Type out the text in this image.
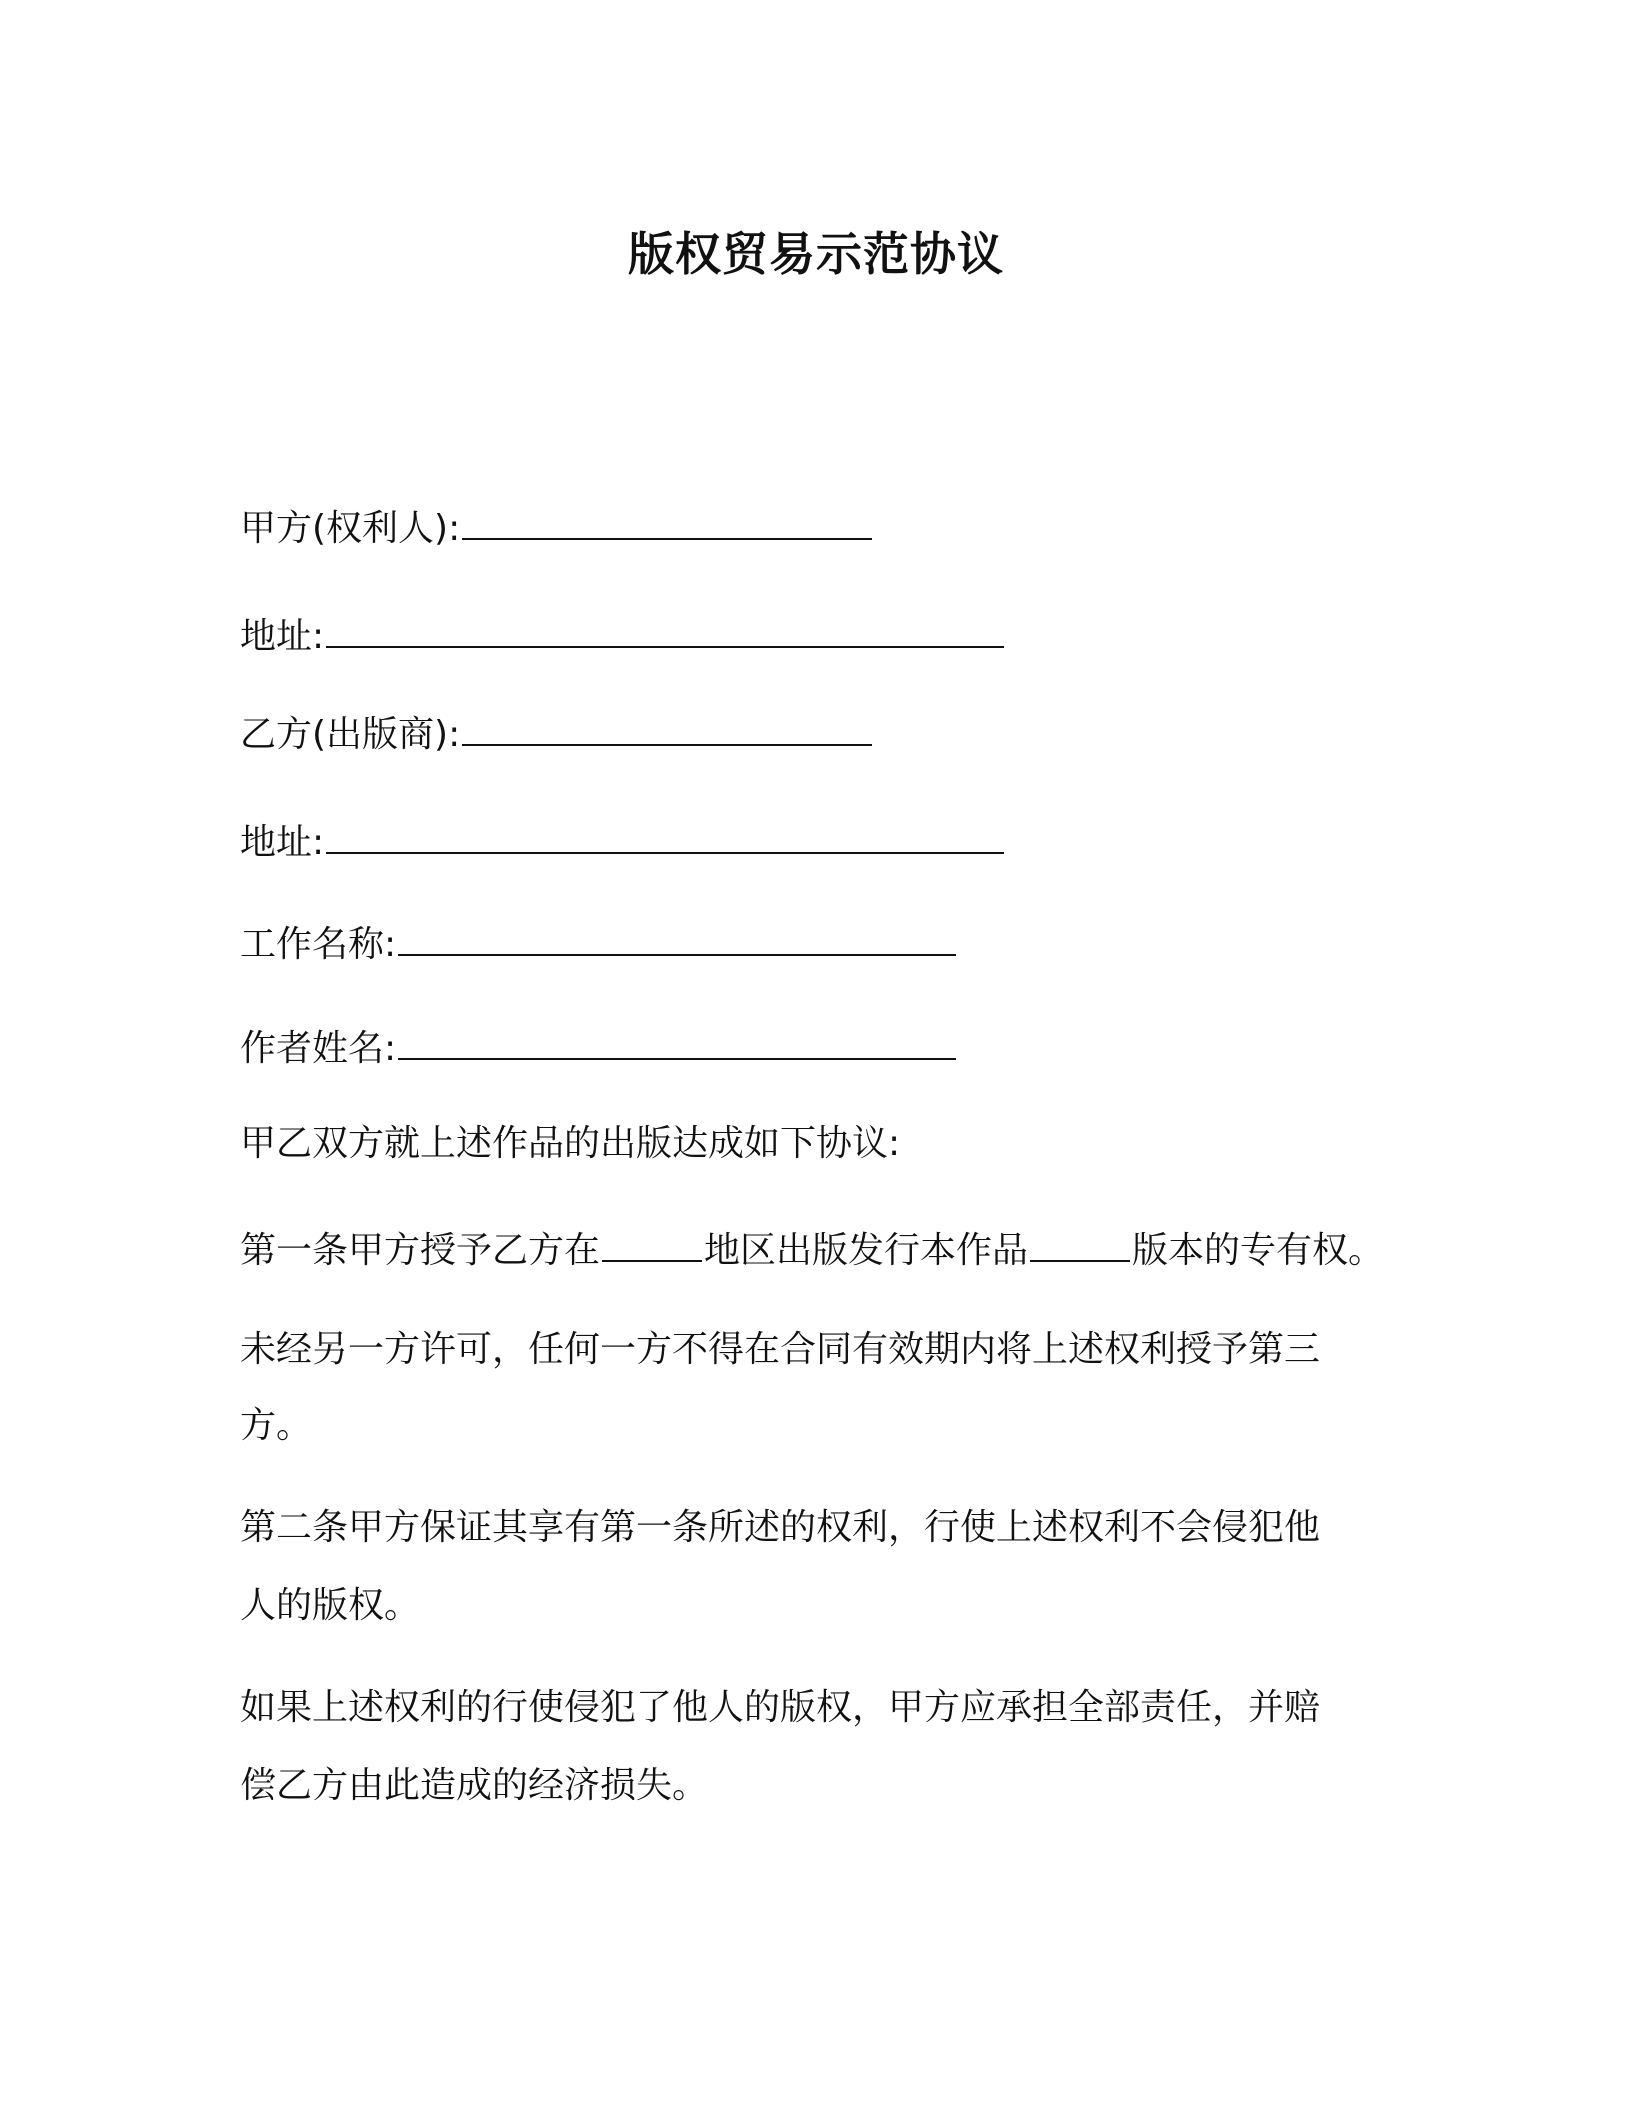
版权贸易示范协议
甲方(权利人):
地址:
乙方(出版商):
地址:
工作名称:
作者姓名:
甲乙双方就上述作品的出版达成如下协议:
第一条甲方授予乙方在	地区出版发行本作品	版本的专有权。
未经另一方许可，任何一方不得在合同有效期内将上述权利授予第三
方。
第二条甲方保证其享有第一条所述的权利，行使上述权利不会侵犯他
人的版权。
如果上述权利的行使侵犯了他人的版权，甲方应承担全部责任，并赔
偿乙方由此造成的经济损失。
